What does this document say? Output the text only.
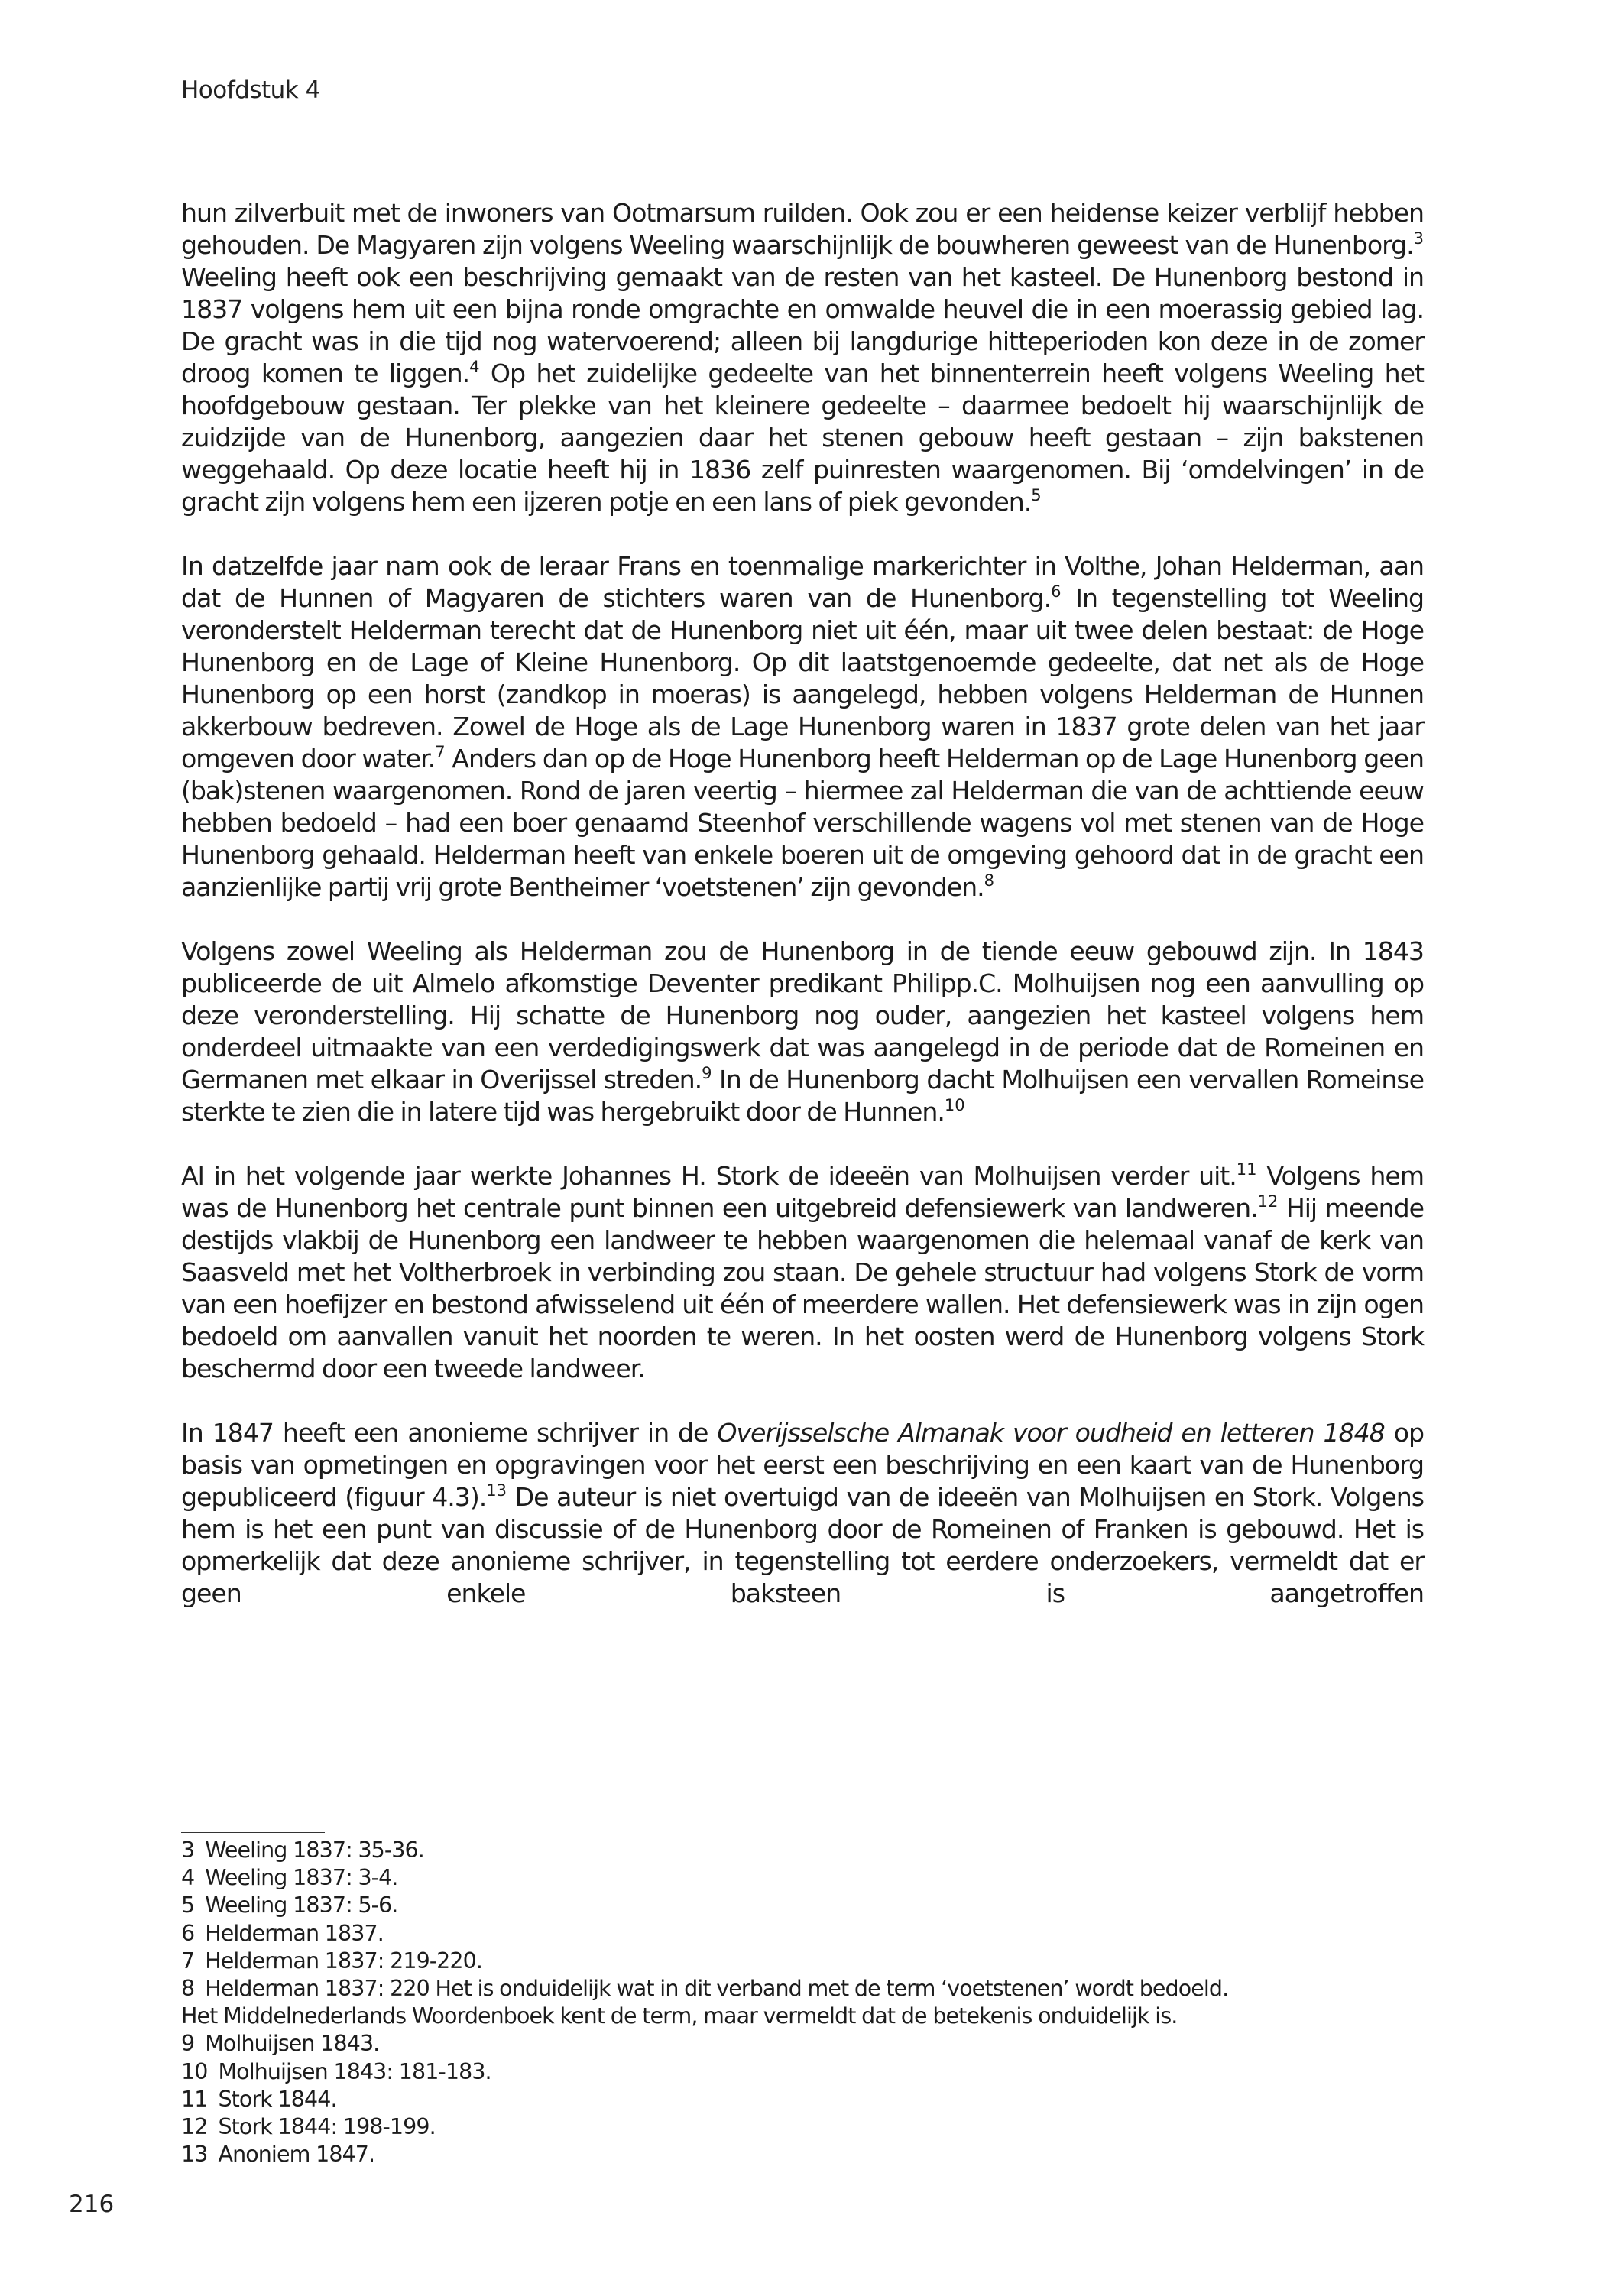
Hoofdstuk 4

hun zilverbuit met de inwoners van Ootmarsum ruilden. Ook zou er een heidense keizer verblijf hebben gehouden. De Magyaren zijn volgens Weeling waarschijnlijk de bouwheren geweest van de Hunenborg.$^3$ Weeling heeft ook een beschrijving gemaakt van de resten van het kasteel. De Hunenborg bestond in 1837 volgens hem uit een bijna ronde omgrachte en omwalde heuvel die in een moerassig gebied lag. De gracht was in die tijd nog watervoerend; alleen bij langdurige hitteperioden kon deze in de zomer droog komen te liggen.$^4$ Op het zuidelijke gedeelte van het binnenterrein heeft volgens Weeling het hoofdgebouw gestaan. Ter plekke van het kleinere gedeelte – daarmee bedoelt hij waarschijnlijk de zuidzijde van de Hunenborg, aangezien daar het stenen gebouw heeft gestaan – zijn bakstenen weggehaald. Op deze locatie heeft hij in 1836 zelf puinresten waargenomen. Bij ‘omdelvingen’ in de gracht zijn volgens hem een ijzeren potje en een lans of piek gevonden.$^5$

In datzelfde jaar nam ook de leraar Frans en toenmalige markerichter in Volthe, Johan Helderman, aan dat de Hunnen of Magyaren de stichters waren van de Hunenborg.$^6$ In tegenstelling tot Weeling veronderstelt Helderman terecht dat de Hunenborg niet uit één, maar uit twee delen bestaat: de Hoge Hunenborg en de Lage of Kleine Hunenborg. Op dit laatstgenoemde gedeelte, dat net als de Hoge Hunenborg op een horst (zandkop in moeras) is aangelegd, hebben volgens Helderman de Hunnen akkerbouw bedreven. Zowel de Hoge als de Lage Hunenborg waren in 1837 grote delen van het jaar omgeven door water.$^7$ Anders dan op de Hoge Hunenborg heeft Helderman op de Lage Hunenborg geen (bak)stenen waargenomen. Rond de jaren veertig – hiermee zal Helderman die van de achttiende eeuw hebben bedoeld – had een boer genaamd Steenhof verschillende wagens vol met stenen van de Hoge Hunenborg gehaald. Helderman heeft van enkele boeren uit de omgeving gehoord dat in de gracht een aanzienlijke partij vrij grote Bentheimer ‘voetstenen’ zijn gevonden.$^8$

Volgens zowel Weeling als Helderman zou de Hunenborg in de tiende eeuw gebouwd zijn. In 1843 publiceerde de uit Almelo afkomstige Deventer predikant Philipp.C. Molhuijsen nog een aanvulling op deze veronderstelling. Hij schatte de Hunenborg nog ouder, aangezien het kasteel volgens hem onderdeel uitmaakte van een verdedigingswerk dat was aangelegd in de periode dat de Romeinen en Germanen met elkaar in Overijssel streden.$^9$ In de Hunenborg dacht Molhuijsen een vervallen Romeinse sterkte te zien die in latere tijd was hergebruikt door de Hunnen.$^{10}$

Al in het volgende jaar werkte Johannes H. Stork de ideeën van Molhuijsen verder uit.$^{11}$ Volgens hem was de Hunenborg het centrale punt binnen een uitgebreid defensiewerk van landweren.$^{12}$ Hij meende destijds vlakbij de Hunenborg een landweer te hebben waargenomen die helemaal vanaf de kerk van Saasveld met het Voltherbroek in verbinding zou staan. De gehele structuur had volgens Stork de vorm van een hoefijzer en bestond afwisselend uit één of meerdere wallen. Het defensiewerk was in zijn ogen bedoeld om aanvallen vanuit het noorden te weren. In het oosten werd de Hunenborg volgens Stork beschermd door een tweede landweer.

In 1847 heeft een anonieme schrijver in de Overijsselsche Almanak voor oudheid en letteren 1848 op basis van opmetingen en opgravingen voor het eerst een beschrijving en een kaart van de Hunenborg gepubliceerd (figuur 4.3).$^{13}$ De auteur is niet overtuigd van de ideeën van Molhuijsen en Stork. Volgens hem is het een punt van discussie of de Hunenborg door de Romeinen of Franken is gebouwd. Het is opmerkelijk dat deze anonieme schrijver, in tegenstelling tot eerdere onderzoekers, vermeldt dat er geen enkele baksteen is aangetroffen

3 Weeling 1837: 35-36.

4 Weeling 1837: 3-4.

5 Weeling 1837: 5-6.

6 Helderman 1837.

7 Helderman 1837: 219-220.

8 Helderman 1837: 220 Het is onduidelijk wat in dit verband met de term ‘voetstenen’ wordt bedoeld.

Het Middelnederlands Woordenboek kent de term, maar vermeldt dat de betekenis onduidelijk is.

9 Molhuijsen 1843.

10 Molhuijsen 1843: 181-183.

11 Stork 1844.

12 Stork 1844: 198-199.

13 Anoniem 1847.

216
